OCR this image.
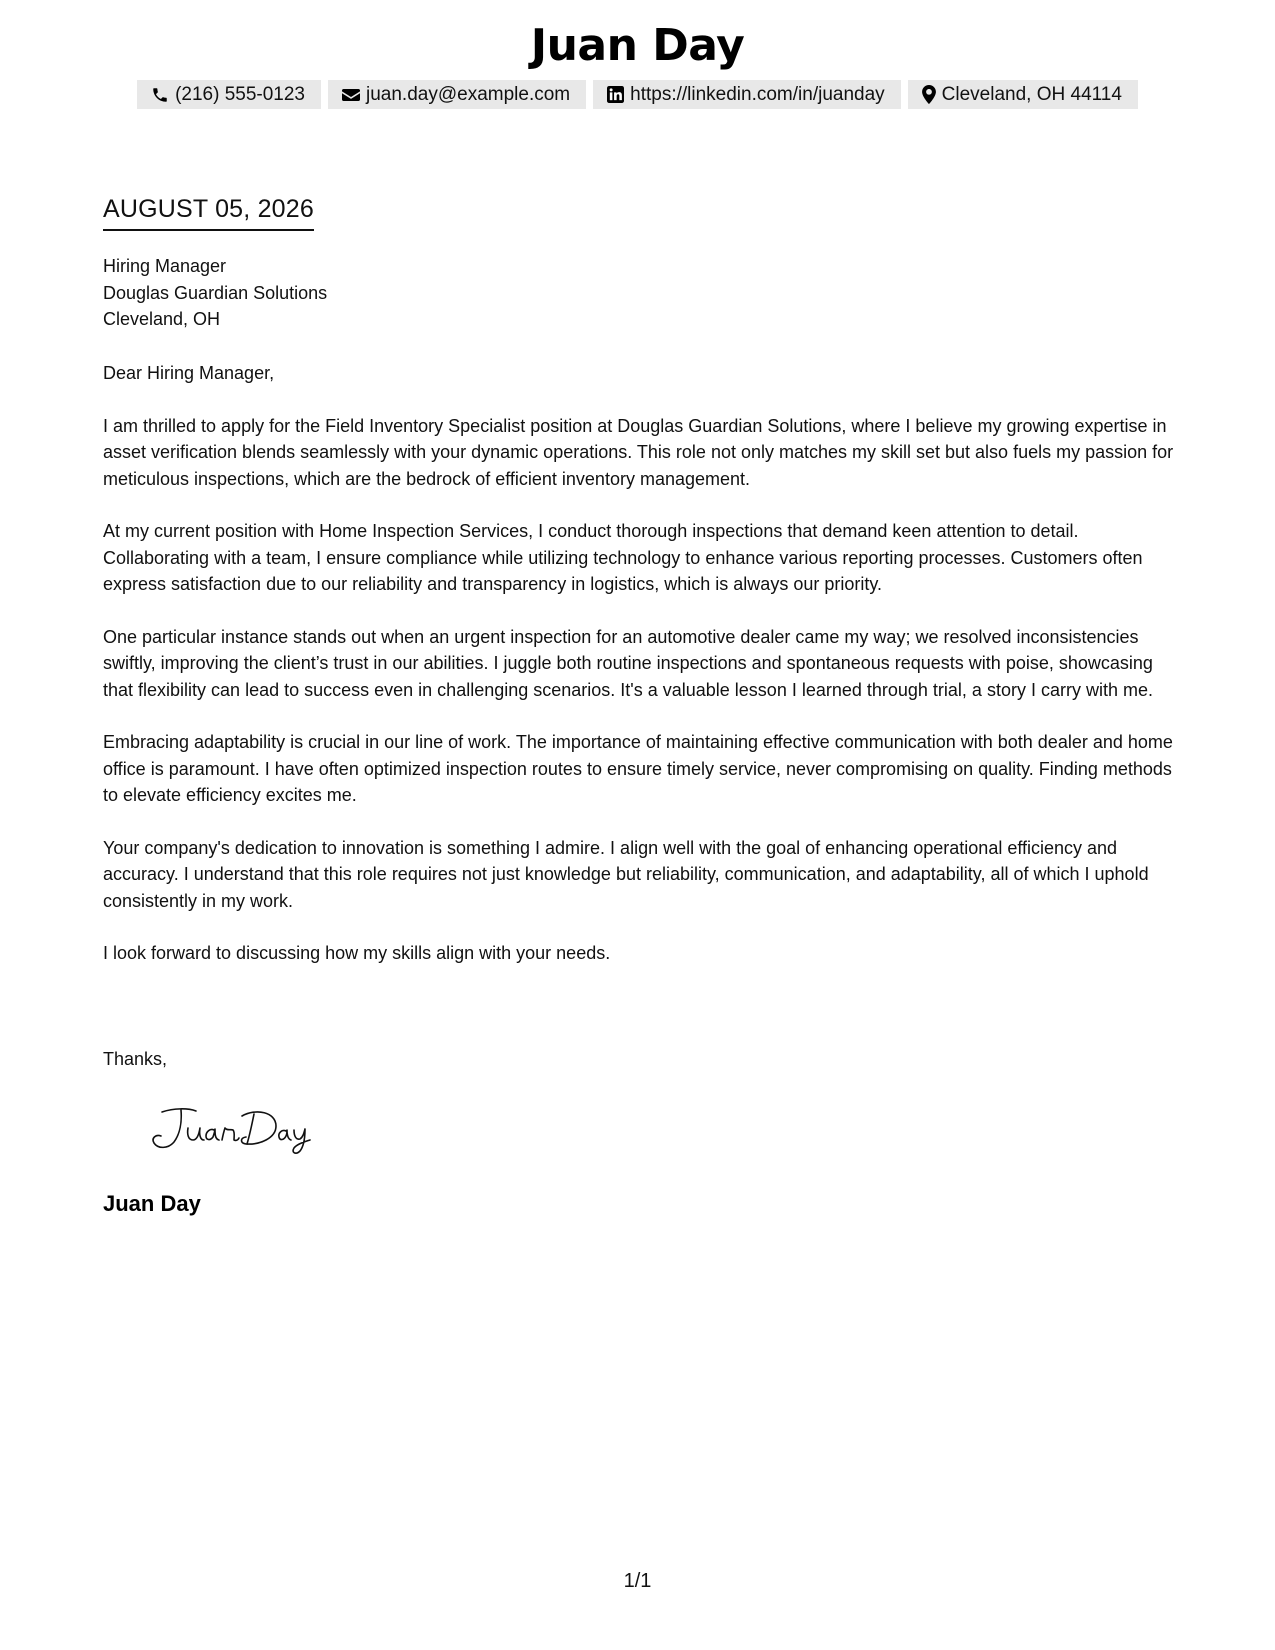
Juan Day
(216) 555-0123	juan.day@example.com	https://linkedin.com/in/juanday	Cleveland, OH 44114
AUGUST 05, 2026
Hiring Manager
Douglas Guardian Solutions
Cleveland, OH

Dear Hiring Manager,

I am thrilled to apply for the Field Inventory Specialist position at Douglas Guardian Solutions, where I believe my growing expertise in asset verification blends seamlessly with your dynamic operations. This role not only matches my skill set but also fuels my passion for meticulous inspections, which are the bedrock of efficient inventory management.

At my current position with Home Inspection Services, I conduct thorough inspections that demand keen attention to detail. Collaborating with a team, I ensure compliance while utilizing technology to enhance various reporting processes. Customers often express satisfaction due to our reliability and transparency in logistics, which is always our priority.

One particular instance stands out when an urgent inspection for an automotive dealer came my way; we resolved inconsistencies swiftly, improving the client’s trust in our abilities. I juggle both routine inspections and spontaneous requests with poise, showcasing that flexibility can lead to success even in challenging scenarios. It's a valuable lesson I learned through trial, a story I carry with me.

Embracing adaptability is crucial in our line of work. The importance of maintaining effective communication with both dealer and home office is paramount. I have often optimized inspection routes to ensure timely service, never compromising on quality. Finding methods to elevate efficiency excites me.

Your company's dedication to innovation is something I admire. I align well with the goal of enhancing operational efficiency and accuracy. I understand that this role requires not just knowledge but reliability, communication, and adaptability, all of which I uphold consistently in my work.

I look forward to discussing how my skills align with your needs.

Thanks,
Juan Day
1/1
